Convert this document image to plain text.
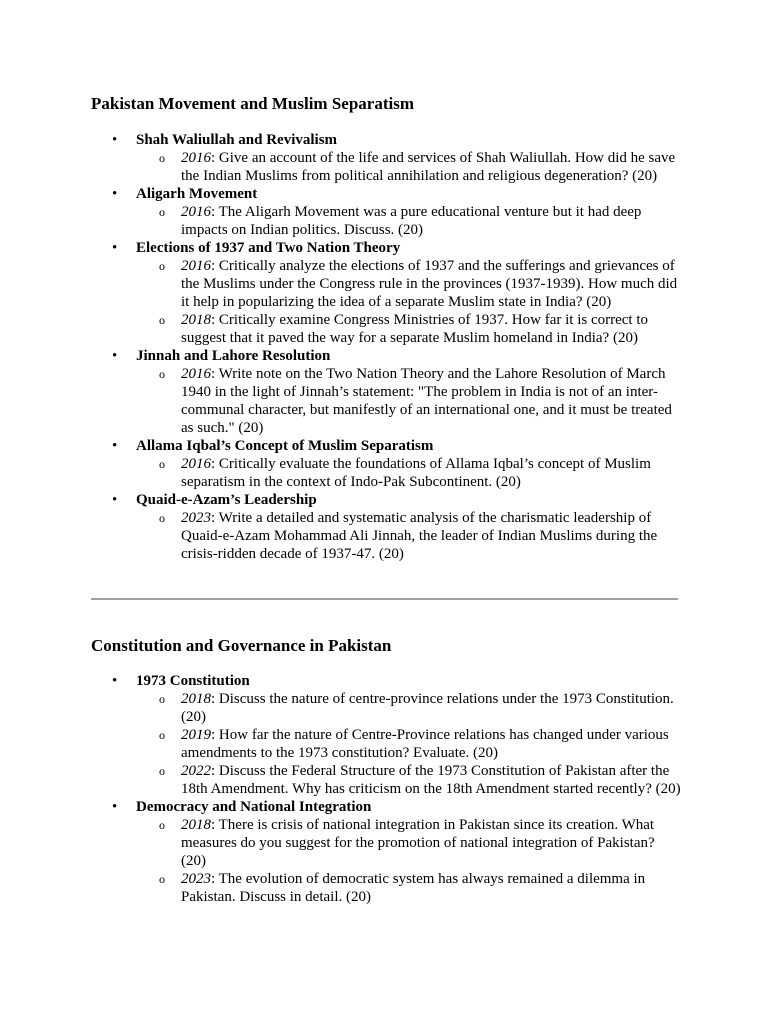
Pakistan Movement and Muslim Separatism
• Shah Waliullah and Revivalism
o 2016: Give an account of the life and services of Shah Waliullah. How did he save the Indian Muslims from political annihilation and religious degeneration? (20)
• Aligarh Movement
o 2016: The Aligarh Movement was a pure educational venture but it had deep impacts on Indian politics. Discuss. (20)
• Elections of 1937 and Two Nation Theory
o 2016: Critically analyze the elections of 1937 and the sufferings and grievances of the Muslims under the Congress rule in the provinces (1937-1939). How much did it help in popularizing the idea of a separate Muslim state in India? (20)
o 2018: Critically examine Congress Ministries of 1937. How far it is correct to suggest that it paved the way for a separate Muslim homeland in India? (20)
• Jinnah and Lahore Resolution
o 2016: Write note on the Two Nation Theory and the Lahore Resolution of March 1940 in the light of Jinnah’s statement: "The problem in India is not of an inter-communal character, but manifestly of an international one, and it must be treated as such." (20)
• Allama Iqbal’s Concept of Muslim Separatism
o 2016: Critically evaluate the foundations of Allama Iqbal’s concept of Muslim separatism in the context of Indo-Pak Subcontinent. (20)
• Quaid-e-Azam’s Leadership
o 2023: Write a detailed and systematic analysis of the charismatic leadership of Quaid-e-Azam Mohammad Ali Jinnah, the leader of Indian Muslims during the crisis-ridden decade of 1937-47. (20)
Constitution and Governance in Pakistan
• 1973 Constitution
o 2018: Discuss the nature of centre-province relations under the 1973 Constitution. (20)
o 2019: How far the nature of Centre-Province relations has changed under various amendments to the 1973 constitution? Evaluate. (20)
o 2022: Discuss the Federal Structure of the 1973 Constitution of Pakistan after the 18th Amendment. Why has criticism on the 18th Amendment started recently? (20)
• Democracy and National Integration
o 2018: There is crisis of national integration in Pakistan since its creation. What measures do you suggest for the promotion of national integration of Pakistan? (20)
o 2023: The evolution of democratic system has always remained a dilemma in Pakistan. Discuss in detail. (20)
